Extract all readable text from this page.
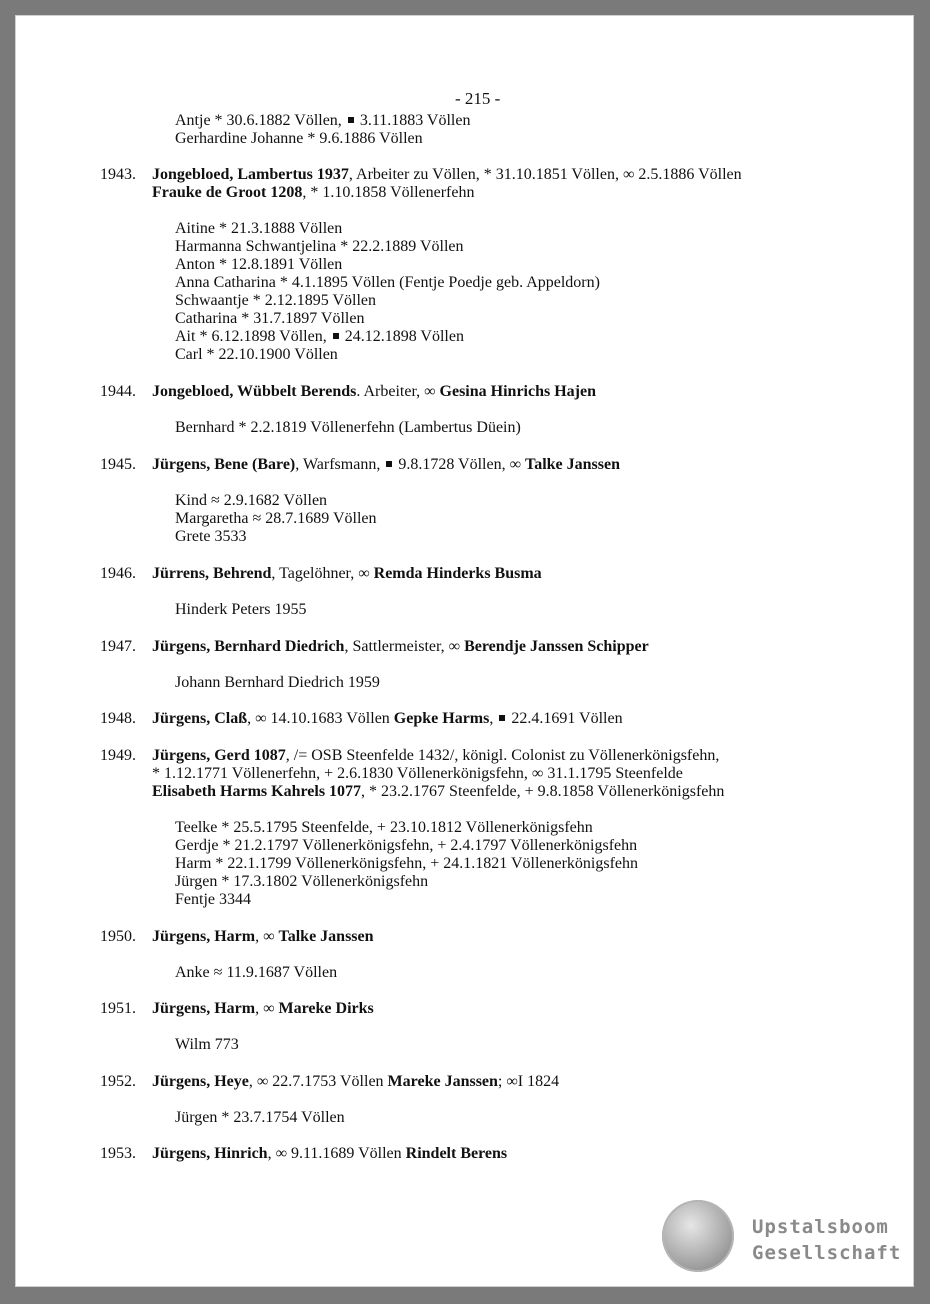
- 215 -
Antje * 30.6.1882 Völlen,  3.11.1883 Völlen
Gerhardine Johanne * 9.6.1886 Völlen
1943. Jongebloed, Lambertus 1937, Arbeiter zu Völlen, * 31.10.1851 Völlen, ∞ 2.5.1886 Völlen
Frauke de Groot 1208, * 1.10.1858 Völlenerfehn
Aitine * 21.3.1888 Völlen
Harmanna Schwantjelina * 22.2.1889 Völlen
Anton * 12.8.1891 Völlen
Anna Catharina * 4.1.1895 Völlen (Fentje Poedje geb. Appeldorn)
Schwaantje * 2.12.1895 Völlen
Catharina * 31.7.1897 Völlen
Ait * 6.12.1898 Völlen,  24.12.1898 Völlen
Carl * 22.10.1900 Völlen
1944. Jongebloed, Wübbelt Berends. Arbeiter, ∞ Gesina Hinrichs Hajen
Bernhard * 2.2.1819 Völlenerfehn (Lambertus Düein)
1945. Jürgens, Bene (Bare), Warfsmann,  9.8.1728 Völlen, ∞ Talke Janssen
Kind ≈ 2.9.1682 Völlen
Margaretha ≈ 28.7.1689 Völlen
Grete 3533
1946. Jürrens, Behrend, Tagelöhner, ∞ Remda Hinderks Busma
Hinderk Peters 1955
1947. Jürgens, Bernhard Diedrich, Sattlermeister, ∞ Berendje Janssen Schipper
Johann Bernhard Diedrich 1959
1948. Jürgens, Claß, ∞ 14.10.1683 Völlen Gepke Harms,  22.4.1691 Völlen
1949. Jürgens, Gerd 1087, /= OSB Steenfelde 1432/, königl. Colonist zu Völlenerkönigsfehn,
* 1.12.1771 Völlenerfehn, + 2.6.1830 Völlenerkönigsfehn, ∞ 31.1.1795 Steenfelde
Elisabeth Harms Kahrels 1077, * 23.2.1767 Steenfelde, + 9.8.1858 Völlenerkönigsfehn
Teelke * 25.5.1795 Steenfelde, + 23.10.1812 Völlenerkönigsfehn
Gerdje * 21.2.1797 Völlenerkönigsfehn, + 2.4.1797 Völlenerkönigsfehn
Harm * 22.1.1799 Völlenerkönigsfehn, + 24.1.1821 Völlenerkönigsfehn
Jürgen * 17.3.1802 Völlenerkönigsfehn
Fentje 3344
1950. Jürgens, Harm, ∞ Talke Janssen
Anke ≈ 11.9.1687 Völlen
1951. Jürgens, Harm, ∞ Mareke Dirks
Wilm 773
1952. Jürgens, Heye, ∞ 22.7.1753 Völlen Mareke Janssen; ∞I 1824
Jürgen * 23.7.1754 Völlen
1953. Jürgens, Hinrich, ∞ 9.11.1689 Völlen Rindelt Berens
Upstalsboom
Gesellschaft
